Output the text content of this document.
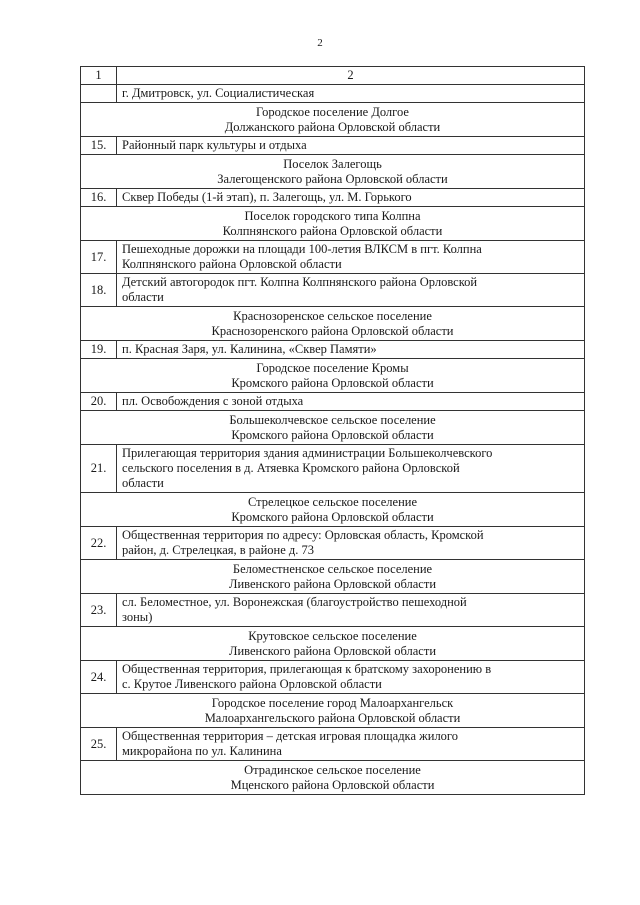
2
1	2

	г. Дмитровск, ул. Социалистическая

Городское поселение Долгое
Должанского района Орловской области	

15.	Районный парк культуры и отдыха

Поселок Залегощь
Залегощенского района Орловской области	

16.	Сквер Победы (1-й этап), п. Залегощь, ул. М. Горького

Поселок городского типа Колпна
Колпнянского района Орловской области	

17.	Пешеходные дорожки на площади 100-летия ВЛКСМ в пгт. Колпна
Колпнянского района Орловской области

18.	Детский автогородок пгт. Колпна Колпнянского района Орловской
области

Краснозоренское сельское поселение
Краснозоренского района Орловской области	

19.	п. Красная Заря, ул. Калинина, «Сквер Памяти»

Городское поселение Кромы
Кромского района Орловской области	

20.	пл. Освобождения с зоной отдыха

Большеколчевское сельское поселение
Кромского района Орловской области	

21.	Прилегающая территория здания администрации Большеколчевского
сельского поселения в д. Атяевка Кромского района Орловской
области

Стрелецкое сельское поселение
Кромского района Орловской области	

22.	Общественная территория по адресу: Орловская область, Кромской
район, д. Стрелецкая, в районе д. 73

Беломестненское сельское поселение
Ливенского района Орловской области	

23.	сл. Беломестное, ул. Воронежская (благоустройство пешеходной
зоны)

Крутовское сельское поселение
Ливенского района Орловской области	

24.	Общественная территория, прилегающая к братскому захоронению в
с. Крутое Ливенского района Орловской области

Городское поселение город Малоархангельск
Малоархангельского района Орловской области	

25.	Общественная территория – детская игровая площадка жилого
микрорайона по ул. Калинина

Отрадинское сельское поселение
Мценского района Орловской области	
